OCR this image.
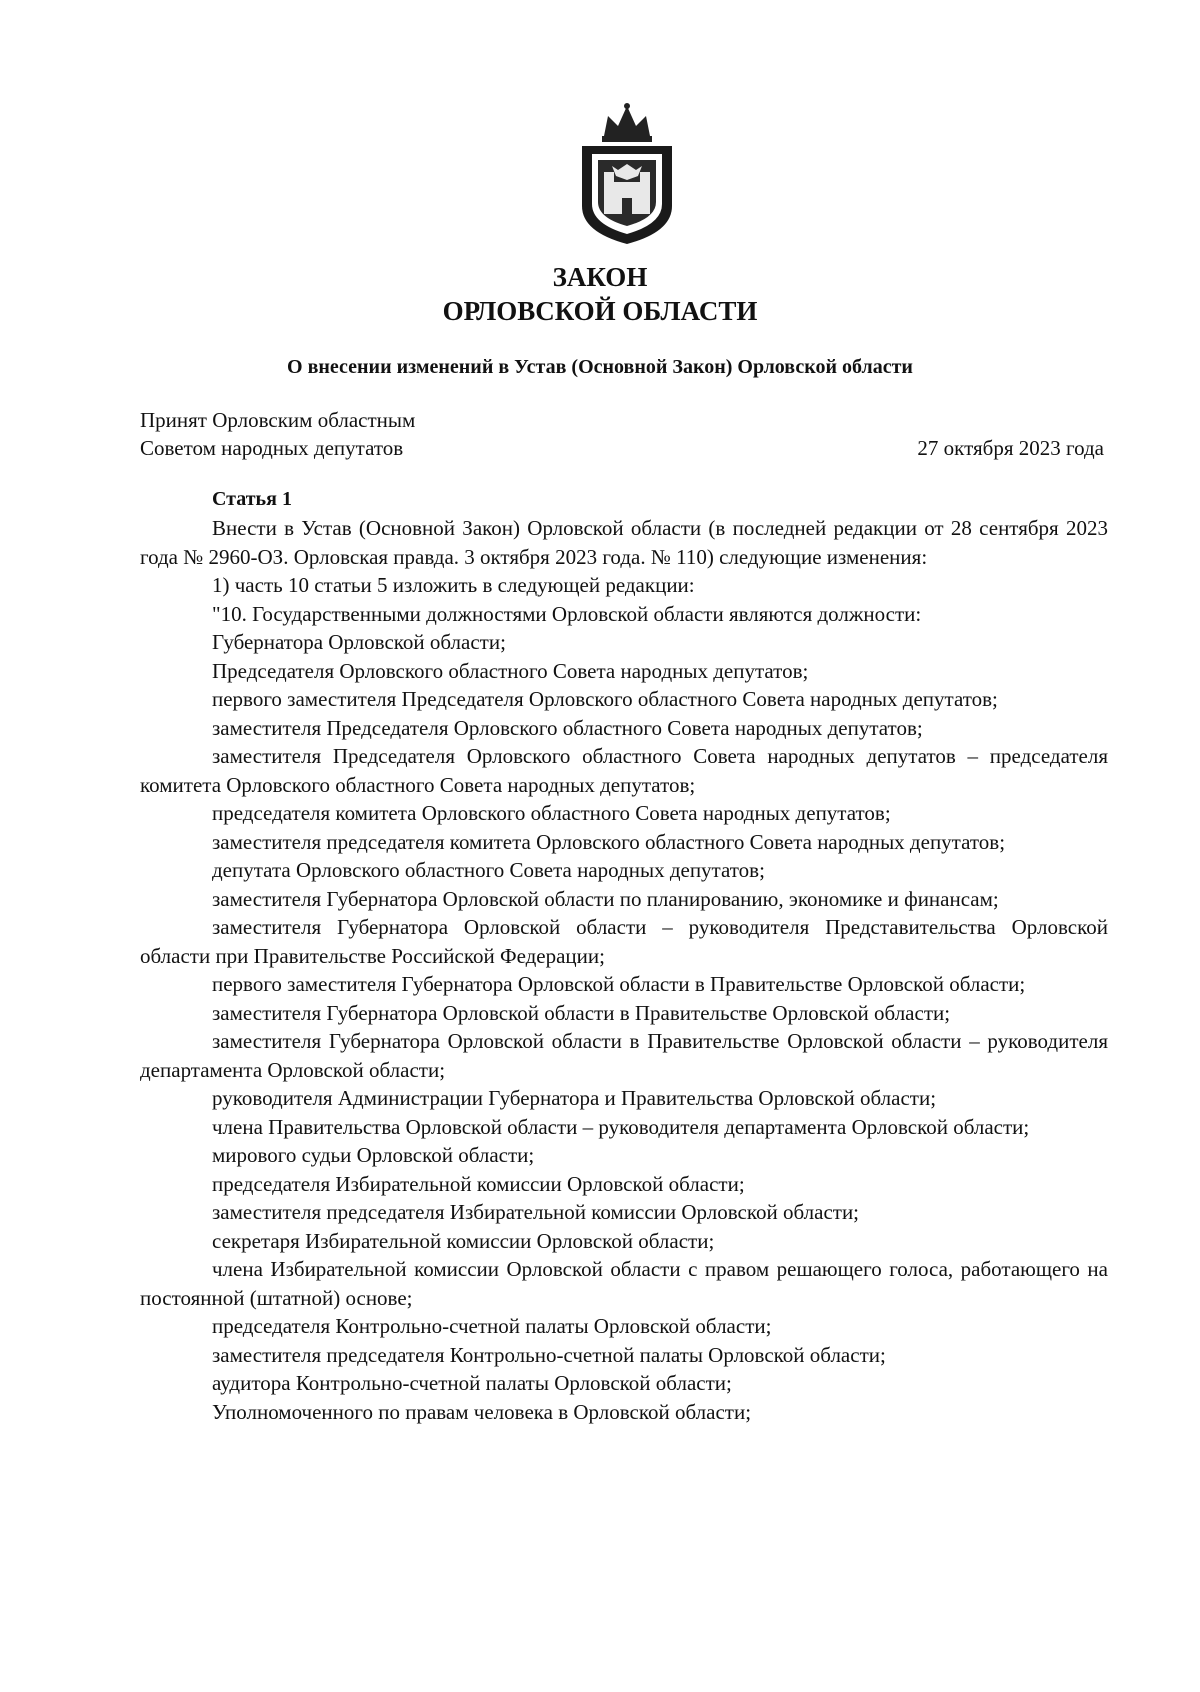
ЗАКОН
ОРЛОВСКОЙ ОБЛАСТИ
О внесении изменений в Устав (Основной Закон) Орловской области
Принят Орловским областным
Советом народных депутатов	27 октября 2023 года
Статья 1

Внести в Устав (Основной Закон) Орловской области (в последней редакции от 28 сентября 2023 года № 2960-ОЗ. Орловская правда. 3 октября 2023 года. № 110) следующие изменения:

1) часть 10 статьи 5 изложить в следующей редакции:

"10. Государственными должностями Орловской области являются должности:

Губернатора Орловской области;

Председателя Орловского областного Совета народных депутатов;

первого заместителя Председателя Орловского областного Совета народных депутатов;

заместителя Председателя Орловского областного Совета народных депутатов;

заместителя Председателя Орловского областного Совета народных депутатов – председателя комитета Орловского областного Совета народных депутатов;

председателя комитета Орловского областного Совета народных депутатов;

заместителя председателя комитета Орловского областного Совета народных депутатов;

депутата Орловского областного Совета народных депутатов;

заместителя Губернатора Орловской области по планированию, экономике и финансам;

заместителя Губернатора Орловской области – руководителя Представительства Орловской области при Правительстве Российской Федерации;

первого заместителя Губернатора Орловской области в Правительстве Орловской области;

заместителя Губернатора Орловской области в Правительстве Орловской области;

заместителя Губернатора Орловской области в Правительстве Орловской области – руководителя департамента Орловской области;

руководителя Администрации Губернатора и Правительства Орловской области;

члена Правительства Орловской области – руководителя департамента Орловской области;

мирового судьи Орловской области;

председателя Избирательной комиссии Орловской области;

заместителя председателя Избирательной комиссии Орловской области;

секретаря Избирательной комиссии Орловской области;

члена Избирательной комиссии Орловской области с правом решающего голоса, работающего на постоянной (штатной) основе;

председателя Контрольно-счетной палаты Орловской области;

заместителя председателя Контрольно-счетной палаты Орловской области;

аудитора Контрольно-счетной палаты Орловской области;

Уполномоченного по правам человека в Орловской области;
